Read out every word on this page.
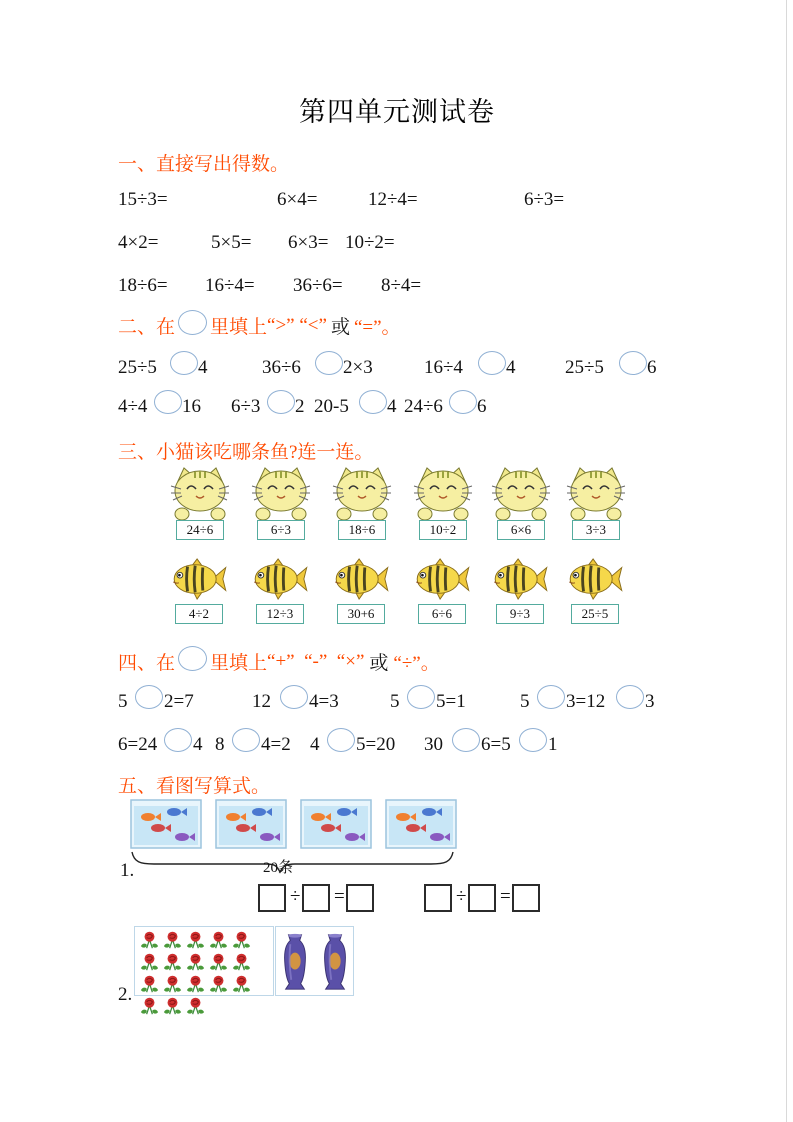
第四单元测试卷
一、直接写出得数。
15÷3=	6×4=	12÷4=	6÷3=
4×2=	5×5= 6×3= 10÷2=
18÷6= 16÷4= 36÷6= 8÷4=
二、在 里填上 “>” “<” 或 “=”。
25÷5 4	36÷6 2×3	16÷4 4	25÷5 6
4÷4 16 6÷3 2 20-5 4 24÷6 6
三、小猫该吃哪条鱼?连一连。
24÷6	6÷3	18÷6	10÷2	6×6	3÷3
4÷2	12÷3	30+6	6÷6	9÷3	25÷5
四、在 里填上 “+”  “-”  “×” 或 “÷”。
5 2=7	12 4=3	5 5=1	5 3=12 3
6=24 4 8 4=2 4 5=20 30 6=5 1
五、看图写算式。
20条
1.
÷ =	÷ =
2.
